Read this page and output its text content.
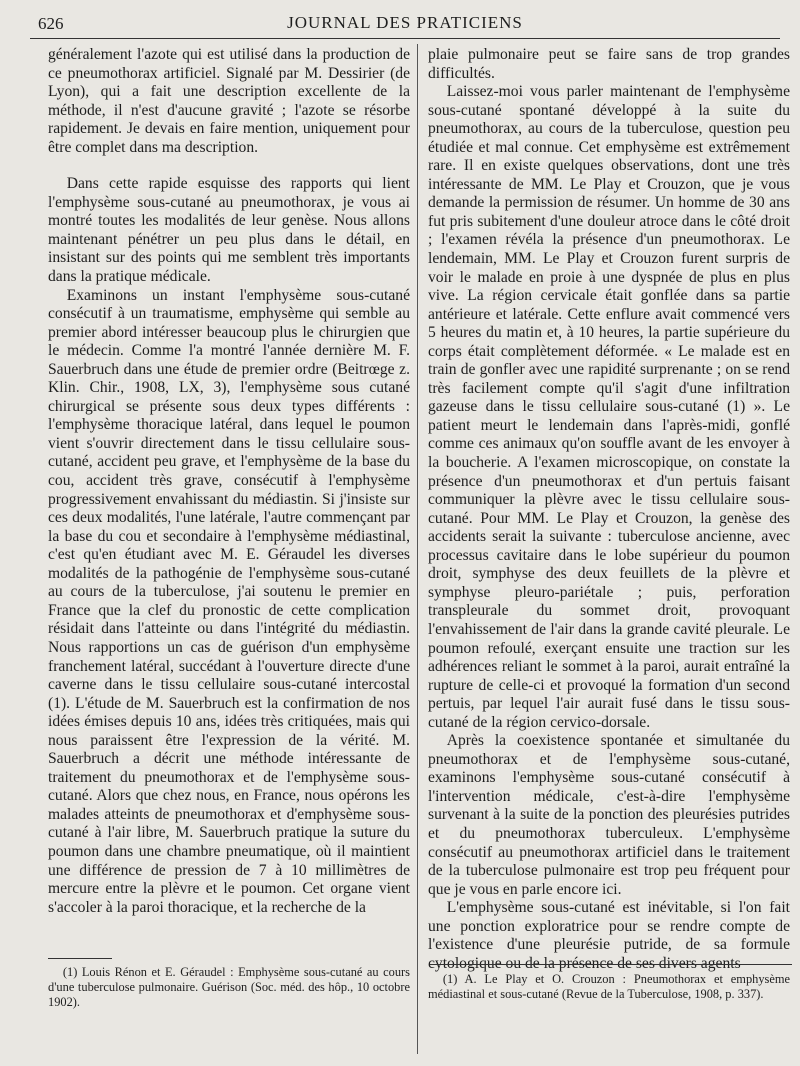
626	JOURNAL DES PRATICIENS

généralement l'azote qui est utilisé dans la production de ce pneumothorax artificiel. Signalé par M. Dessirier (de Lyon), qui a fait une description excellente de la méthode, il n'est d'aucune gravité ; l'azote se résorbe rapidement. Je devais en faire mention, uniquement pour être complet dans ma description.

Dans cette rapide esquisse des rapports qui lient l'emphysème sous-cutané au pneumothorax, je vous ai montré toutes les modalités de leur genèse. Nous allons maintenant pénétrer un peu plus dans le détail, en insistant sur des points qui me semblent très importants dans la pratique médicale.

Examinons un instant l'emphysème sous-cutané consécutif à un traumatisme, emphysème qui semble au premier abord intéresser beaucoup plus le chirurgien que le médecin. Comme l'a montré l'année dernière M. F. Sauerbruch dans une étude de premier ordre (Beitrœge z. Klin. Chir., 1908, LX, 3), l'emphysème sous cutané chirurgical se présente sous deux types différents : l'emphysème thoracique latéral, dans lequel le poumon vient s'ouvrir directement dans le tissu cellulaire sous-cutané, accident peu grave, et l'emphysème de la base du cou, accident très grave, consécutif à l'emphysème progressivement envahissant du médiastin. Si j'insiste sur ces deux modalités, l'une latérale, l'autre commençant par la base du cou et secondaire à l'emphysème médiastinal, c'est qu'en étudiant avec M. E. Géraudel les diverses modalités de la pathogénie de l'emphysème sous-cutané au cours de la tuberculose, j'ai soutenu le premier en France que la clef du pronostic de cette complication résidait dans l'atteinte ou dans l'intégrité du médiastin. Nous rapportions un cas de guérison d'un emphysème franchement latéral, succédant à l'ouverture directe d'une caverne dans le tissu cellulaire sous-cutané intercostal (1). L'étude de M. Sauerbruch est la confirmation de nos idées émises depuis 10 ans, idées très critiquées, mais qui nous paraissent être l'expression de la vérité. M. Sauerbruch a décrit une méthode intéressante de traitement du pneumothorax et de l'emphysème sous-cutané. Alors que chez nous, en France, nous opérons les malades atteints de pneumothorax et d'emphysème sous-cutané à l'air libre, M. Sauerbruch pratique la suture du poumon dans une chambre pneumatique, où il maintient une différence de pression de 7 à 10 millimètres de mercure entre la plèvre et le poumon. Cet organe vient s'accoler à la paroi thoracique, et la recherche de la

plaie pulmonaire peut se faire sans de trop grandes difficultés.

Laissez-moi vous parler maintenant de l'emphysème sous-cutané spontané développé à la suite du pneumothorax, au cours de la tuberculose, question peu étudiée et mal connue. Cet emphysème est extrêmement rare. Il en existe quelques observations, dont une très intéressante de MM. Le Play et Crouzon, que je vous demande la permission de résumer. Un homme de 30 ans fut pris subitement d'une douleur atroce dans le côté droit ; l'examen révéla la présence d'un pneumothorax. Le lendemain, MM. Le Play et Crouzon furent surpris de voir le malade en proie à une dyspnée de plus en plus vive. La région cervicale était gonflée dans sa partie antérieure et latérale. Cette enflure avait commencé vers 5 heures du matin et, à 10 heures, la partie supérieure du corps était complètement déformée. « Le malade est en train de gonfler avec une rapidité surprenante ; on se rend très facilement compte qu'il s'agit d'une infiltration gazeuse dans le tissu cellulaire sous-cutané (1) ». Le patient meurt le lendemain dans l'après-midi, gonflé comme ces animaux qu'on souffle avant de les envoyer à la boucherie. A l'examen microscopique, on constate la présence d'un pneumothorax et d'un pertuis faisant communiquer la plèvre avec le tissu cellulaire sous-cutané. Pour MM. Le Play et Crouzon, la genèse des accidents serait la suivante : tuberculose ancienne, avec processus cavitaire dans le lobe supérieur du poumon droit, symphyse des deux feuillets de la plèvre et symphyse pleuro-pariétale ; puis, perforation transpleurale du sommet droit, provoquant l'envahissement de l'air dans la grande cavité pleurale. Le poumon refoulé, exerçant ensuite une traction sur les adhérences reliant le sommet à la paroi, aurait entraîné la rupture de celle-ci et provoqué la formation d'un second pertuis, par lequel l'air aurait fusé dans le tissu sous-cutané de la région cervico-dorsale.

Après la coexistence spontanée et simultanée du pneumothorax et de l'emphysème sous-cutané, examinons l'emphysème sous-cutané consécutif à l'intervention médicale, c'est-à-dire l'emphysème survenant à la suite de la ponction des pleurésies putrides et du pneumothorax tuberculeux. L'emphysème consécutif au pneumothorax artificiel dans le traitement de la tuberculose pulmonaire est trop peu fréquent pour que je vous en parle encore ici.

L'emphysème sous-cutané est inévitable, si l'on fait une ponction exploratrice pour se rendre compte de l'existence d'une pleurésie putride, de sa formule cytologique ou de la présence de ses divers agents

(1) Louis Rénon et E. Géraudel : Emphysème sous-cutané au cours d'une tuberculose pulmonaire. Guérison (Soc. méd. des hôp., 10 octobre 1902).

(1) A. Le Play et O. Crouzon : Pneumothorax et emphysème médiastinal et sous-cutané (Revue de la Tuberculose, 1908, p. 337).
